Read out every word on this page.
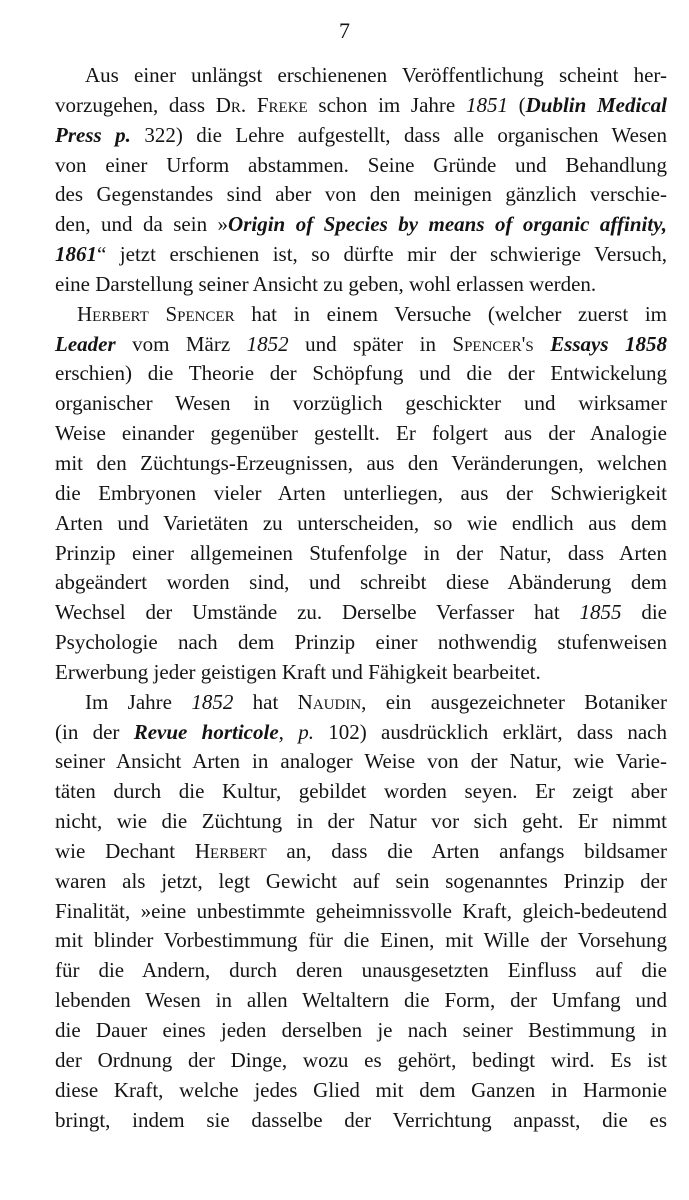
7
Aus einer unlängst erschienenen Veröffentlichung scheint her-
vorzugehen, dass Dr. Freke schon im Jahre 1851 (Dublin Medical
Press p. 322) die Lehre aufgestellt, dass alle organischen Wesen
von einer Urform abstammen. Seine Gründe und Behandlung
des Gegenstandes sind aber von den meinigen gänzlich verschie-
den, und da sein »Origin of Species by means of organic affinity,
1861“ jetzt erschienen ist, so dürfte mir der schwierige Versuch,
eine Darstellung seiner Ansicht zu geben, wohl erlassen werden.
Herbert Spencer hat in einem Versuche (welcher zuerst im
Leader vom März 1852 und später in Spencer's Essays 1858
erschien) die Theorie der Schöpfung und die der Entwickelung
organischer Wesen in vorzüglich geschickter und wirksamer
Weise einander gegenüber gestellt. Er folgert aus der Analogie
mit den Züchtungs-Erzeugnissen, aus den Veränderungen, welchen
die Embryonen vieler Arten unterliegen, aus der Schwierigkeit
Arten und Varietäten zu unterscheiden, so wie endlich aus dem
Prinzip einer allgemeinen Stufenfolge in der Natur, dass Arten
abgeändert worden sind, und schreibt diese Abänderung dem
Wechsel der Umstände zu. Derselbe Verfasser hat 1855 die
Psychologie nach dem Prinzip einer nothwendig stufenweisen
Erwerbung jeder geistigen Kraft und Fähigkeit bearbeitet.
Im Jahre 1852 hat Naudin, ein ausgezeichneter Botaniker
(in der Revue horticole, p. 102) ausdrücklich erklärt, dass nach
seiner Ansicht Arten in analoger Weise von der Natur, wie Varie-
täten durch die Kultur, gebildet worden seyen. Er zeigt aber
nicht, wie die Züchtung in der Natur vor sich geht. Er nimmt
wie Dechant Herbert an, dass die Arten anfangs bildsamer
waren als jetzt, legt Gewicht auf sein sogenanntes Prinzip der
Finalität, »eine unbestimmte geheimnissvolle Kraft, gleich-bedeutend
mit blinder Vorbestimmung für die Einen, mit Wille der Vorsehung
für die Andern, durch deren unausgesetzten Einfluss auf die
lebenden Wesen in allen Weltaltern die Form, der Umfang und
die Dauer eines jeden derselben je nach seiner Bestimmung in
der Ordnung der Dinge, wozu es gehört, bedingt wird. Es ist
diese Kraft, welche jedes Glied mit dem Ganzen in Harmonie
bringt, indem sie dasselbe der Verrichtung anpasst, die es
